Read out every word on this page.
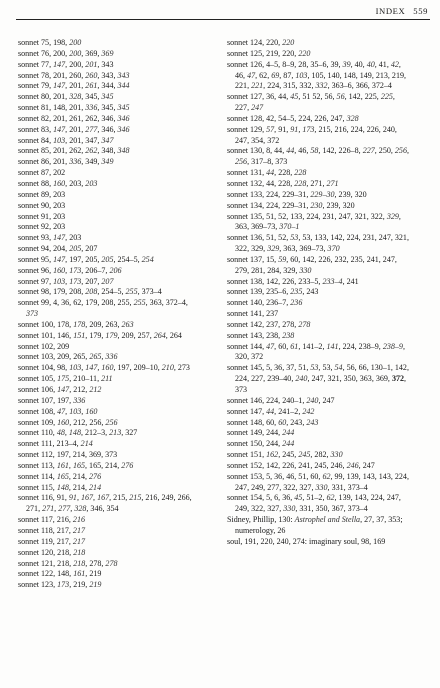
INDEX 559
sonnet 75, 198, 200
sonnet 76, 200, 200, 369, 369
sonnet 77, 147, 200, 201, 343
sonnet 78, 201, 260, 260, 343, 343
sonnet 79, 147, 201, 261, 344, 344
sonnet 80, 201, 328, 345, 345
sonnet 81, 148, 201, 336, 345, 345
sonnet 82, 201, 261, 262, 346, 346
sonnet 83, 147, 201, 277, 346, 346
sonnet 84, 103, 201, 347, 347
sonnet 85, 201, 262, 262, 348, 348
sonnet 86, 201, 336, 349, 349
sonnet 87, 202
sonnet 88, 160, 203, 203
sonnet 89, 203
sonnet 90, 203
sonnet 91, 203
sonnet 92, 203
sonnet 93, 147, 203
sonnet 94, 204, 205, 207
sonnet 95, 147, 197, 205, 205, 254–5, 254
sonnet 96, 160, 173, 206–7, 206
sonnet 97, 103, 173, 207, 207
sonnet 98, 179, 208, 208, 254–5, 255, 373–4
sonnet 99, 4, 36, 62, 179, 208, 255, 255, 363, 372–4, 373
sonnet 100, 178, 178, 209, 263, 263
sonnet 101, 146, 151, 179, 179, 209, 257, 264, 264
sonnet 102, 209
sonnet 103, 209, 265, 265, 336
sonnet 104, 98, 103, 147, 160, 197, 209–10, 210, 273
sonnet 105, 175, 210–11, 211
sonnet 106, 147, 212, 212
sonnet 107, 197, 336
sonnet 108, 47, 103, 160
sonnet 109, 160, 212, 256, 256
sonnet 110, 48, 148, 212–3, 213, 327
sonnet 111, 213–4, 214
sonnet 112, 197, 214, 369, 373
sonnet 113, 161, 165, 165, 214, 276
sonnet 114, 165, 214, 276
sonnet 115, 148, 214, 214
sonnet 116, 91, 91, 167, 167, 215, 215, 216, 249, 266, 271, 271, 277, 328, 346, 354
sonnet 117, 216, 216
sonnet 118, 217, 217
sonnet 119, 217, 217
sonnet 120, 218, 218
sonnet 121, 218, 218, 278, 278
sonnet 122, 148, 161, 219
sonnet 123, 173, 219, 219
sonnet 124, 220, 220
sonnet 125, 219, 220, 220
sonnet 126, 4–5, 8–9, 28, 35–6, 39, 39, 40, 40, 41, 42, 46, 47, 62, 69, 87, 103, 105, 140, 148, 149, 213, 219, 221, 221, 224, 315, 332, 332, 363–6, 366, 372–4
sonnet 127, 36, 44, 45, 51 52, 56, 56, 142, 225, 225, 227, 247
sonnet 128, 42, 54–5, 224, 226, 247, 328
sonnet 129, 57, 91, 91, 173, 215, 216, 224, 226, 240, 247, 354, 372
sonnet 130, 8, 44, 44, 46, 58, 142, 226–8, 227, 250, 256, 256, 317–8, 373
sonnet 131, 44, 228, 228
sonnet 132, 44, 228, 228, 271, 271
sonnet 133, 224, 229–31, 229–30, 239, 320
sonnet 134, 224, 229–31, 230, 239, 320
sonnet 135, 51, 52, 133, 224, 231, 247, 321, 322, 329, 363, 369–73, 370–1
sonnet 136, 51, 52, 53, 53, 133, 142, 224, 231, 247, 321, 322, 329, 329, 363, 369–73, 370
sonnet 137, 15, 59, 60, 142, 226, 232, 235, 241, 247, 279, 281, 284, 329, 330
sonnet 138, 142, 226, 233–5, 233–4, 241
sonnet 139, 235–6, 235, 243
sonnet 140, 236–7, 236
sonnet 141, 237
sonnet 142, 237, 278, 278
sonnet 143, 238, 238
sonnet 144, 47, 60, 61, 141–2, 141, 224, 238–9, 238–9, 320, 372
sonnet 145, 5, 36, 37, 51, 53, 53, 54, 56, 66, 130–1, 142, 224, 227, 239–40, 240, 247, 321, 350, 363, 369, 372, 373
sonnet 146, 224, 240–1, 240, 247
sonnet 147, 44, 241–2, 242
sonnet 148, 60, 60, 243, 243
sonnet 149, 244, 244
sonnet 150, 244, 244
sonnet 151, 162, 245, 245, 282, 330
sonnet 152, 142, 226, 241, 245, 246, 246, 247
sonnet 153, 5, 36, 46, 51, 60, 62, 99, 139, 143, 143, 224, 247, 249, 277, 322, 327, 330, 331, 373–4
sonnet 154, 5, 6, 36, 45, 51–2, 62, 139, 143, 224, 247, 249, 322, 327, 330, 331, 350, 367, 373–4
Sidney, Phillip, 130: Astrophel and Stella, 27, 37, 353; numerology, 26
soul, 191, 220, 240, 274: imaginary soul, 98, 169
